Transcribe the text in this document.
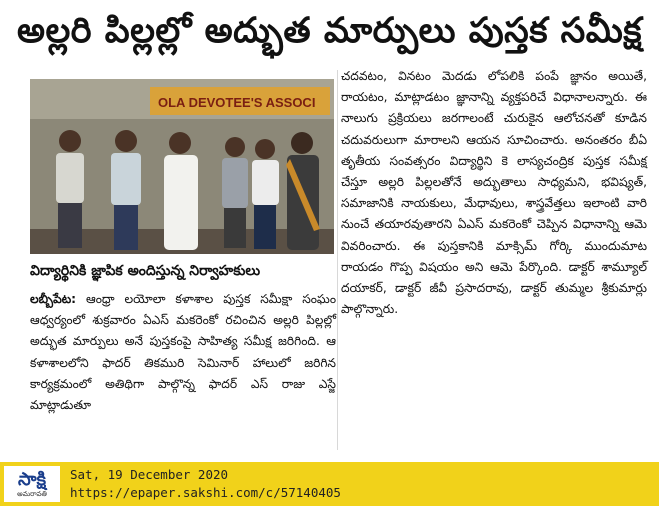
అల్లరి పిల్లల్లో అద్భుత మార్పులు పుస్తక సమీక్ష
OLA DEVOTEE'S ASSOCI
విద్యార్థినికి జ్ఞాపిక అందిస్తున్న నిర్వాహకులు

లబ్బీపేట: ఆంధ్రా లయోలా కళాశాల పుస్తక సమీక్షా సంఘం ఆధ్వర్యంలో శుక్రవారం ఏఎస్ మకరెంకో రచించిన అల్లరి పిల్లల్లో అద్భుత మార్పులు అనే పుస్తకంపై సాహిత్య సమీక్ష జరిగింది. ఆ కళాశాలలోని ఫాదర్ తికమురి సెమినార్ హాలులో జరిగిన కార్యక్రమంలో అతిథిగా పాల్గొన్న ఫాదర్ ఎస్ రాజు ఎస్జే మాట్లాడుతూ

చదవటం, వినటం మెదడు లోపలికి పంపే జ్ఞానం అయితే, రాయటం, మాట్లాడటం జ్ఞానాన్ని వ్యక్తపరిచే విధానాలన్నారు. ఈ నాలుగు ప్రక్రియలు జరగాలంటే చురుకైన ఆలోచనతో కూడిన చదువరులుగా మారాలని ఆయన సూచించారు. అనంతరం బీఏ తృతీయ సంవత్సరం విద్యార్థిని కె లాస్యచంద్రిక పుస్తక సమీక్ష చేస్తూ అల్లరి పిల్లలతోనే అద్భుతాలు సాధ్యమని, భవిష్యత్, సమాజానికి నాయకులు, మేధావులు, శాస్త్రవేత్తలు ఇలాంటి వారి నుంచే తయారవుతారని ఏఎస్ మకరెంకో చెప్పిన విధానాన్ని ఆమె వివరించారు. ఈ పుస్తకానికి మాక్సిమ్ గోర్కి ముందుమాట రాయడం గొప్ప విషయం అని ఆమె పేర్కొంది. డాక్టర్ శామ్యూల్ దయాకర్, డాక్టర్ జీవీ ప్రసాదరావు, డాక్టర్ తుమ్మల శ్రీకుమార్లు పాల్గొన్నారు.

సాక్షి
అమరావతి
Sat, 19 December 2020
https://epaper.sakshi.com/c/57140405
